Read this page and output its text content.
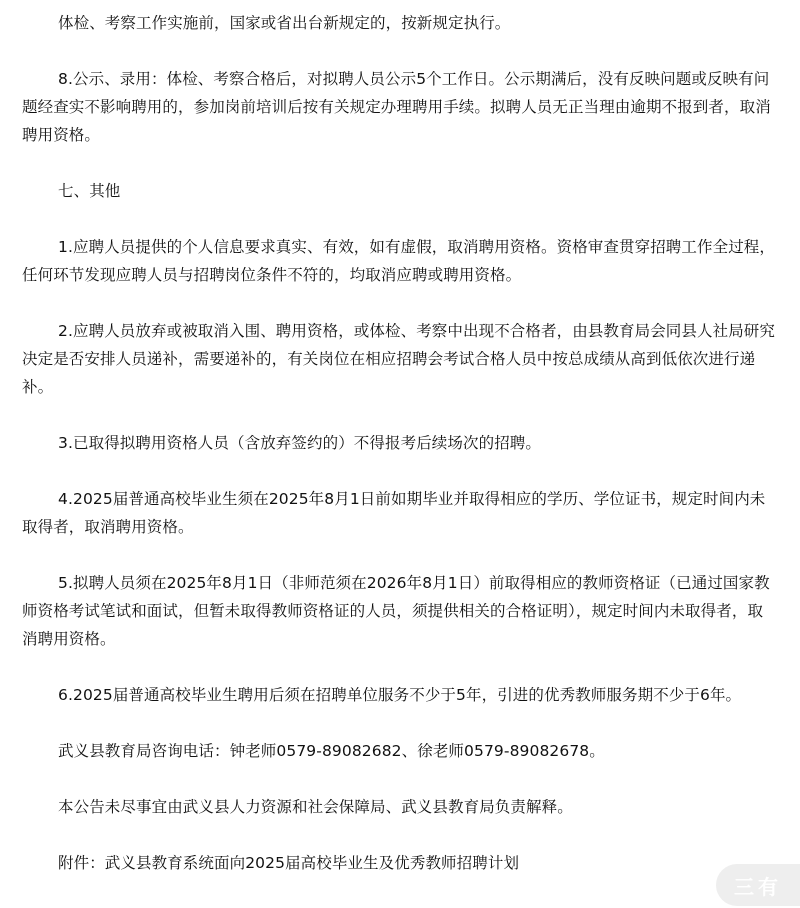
体检、考察工作实施前，国家或省出台新规定的，按新规定执行。

8.公示、录用：体检、考察合格后，对拟聘人员公示5个工作日。公示期满后，没有反映问题或反映有问题经查实不影响聘用的，参加岗前培训后按有关规定办理聘用手续。拟聘人员无正当理由逾期不报到者，取消聘用资格。

七、其他

1.应聘人员提供的个人信息要求真实、有效，如有虚假，取消聘用资格。资格审查贯穿招聘工作全过程，任何环节发现应聘人员与招聘岗位条件不符的，均取消应聘或聘用资格。

2.应聘人员放弃或被取消入围、聘用资格，或体检、考察中出现不合格者，由县教育局会同县人社局研究决定是否安排人员递补，需要递补的，有关岗位在相应招聘会考试合格人员中按总成绩从高到低依次进行递补。

3.已取得拟聘用资格人员（含放弃签约的）不得报考后续场次的招聘。

4.2025届普通高校毕业生须在2025年8月1日前如期毕业并取得相应的学历、学位证书，规定时间内未取得者，取消聘用资格。

5.拟聘人员须在2025年8月1日（非师范须在2026年8月1日）前取得相应的教师资格证（已通过国家教师资格考试笔试和面试，但暂未取得教师资格证的人员，须提供相关的合格证明），规定时间内未取得者，取消聘用资格。

6.2025届普通高校毕业生聘用后须在招聘单位服务不少于5年，引进的优秀教师服务期不少于6年。

武义县教育局咨询电话：钟老师0579-89082682、徐老师0579-89082678。

本公告未尽事宜由武义县人力资源和社会保障局、武义县教育局负责解释。

附件：武义县教育系统面向2025届高校毕业生及优秀教师招聘计划

三有
